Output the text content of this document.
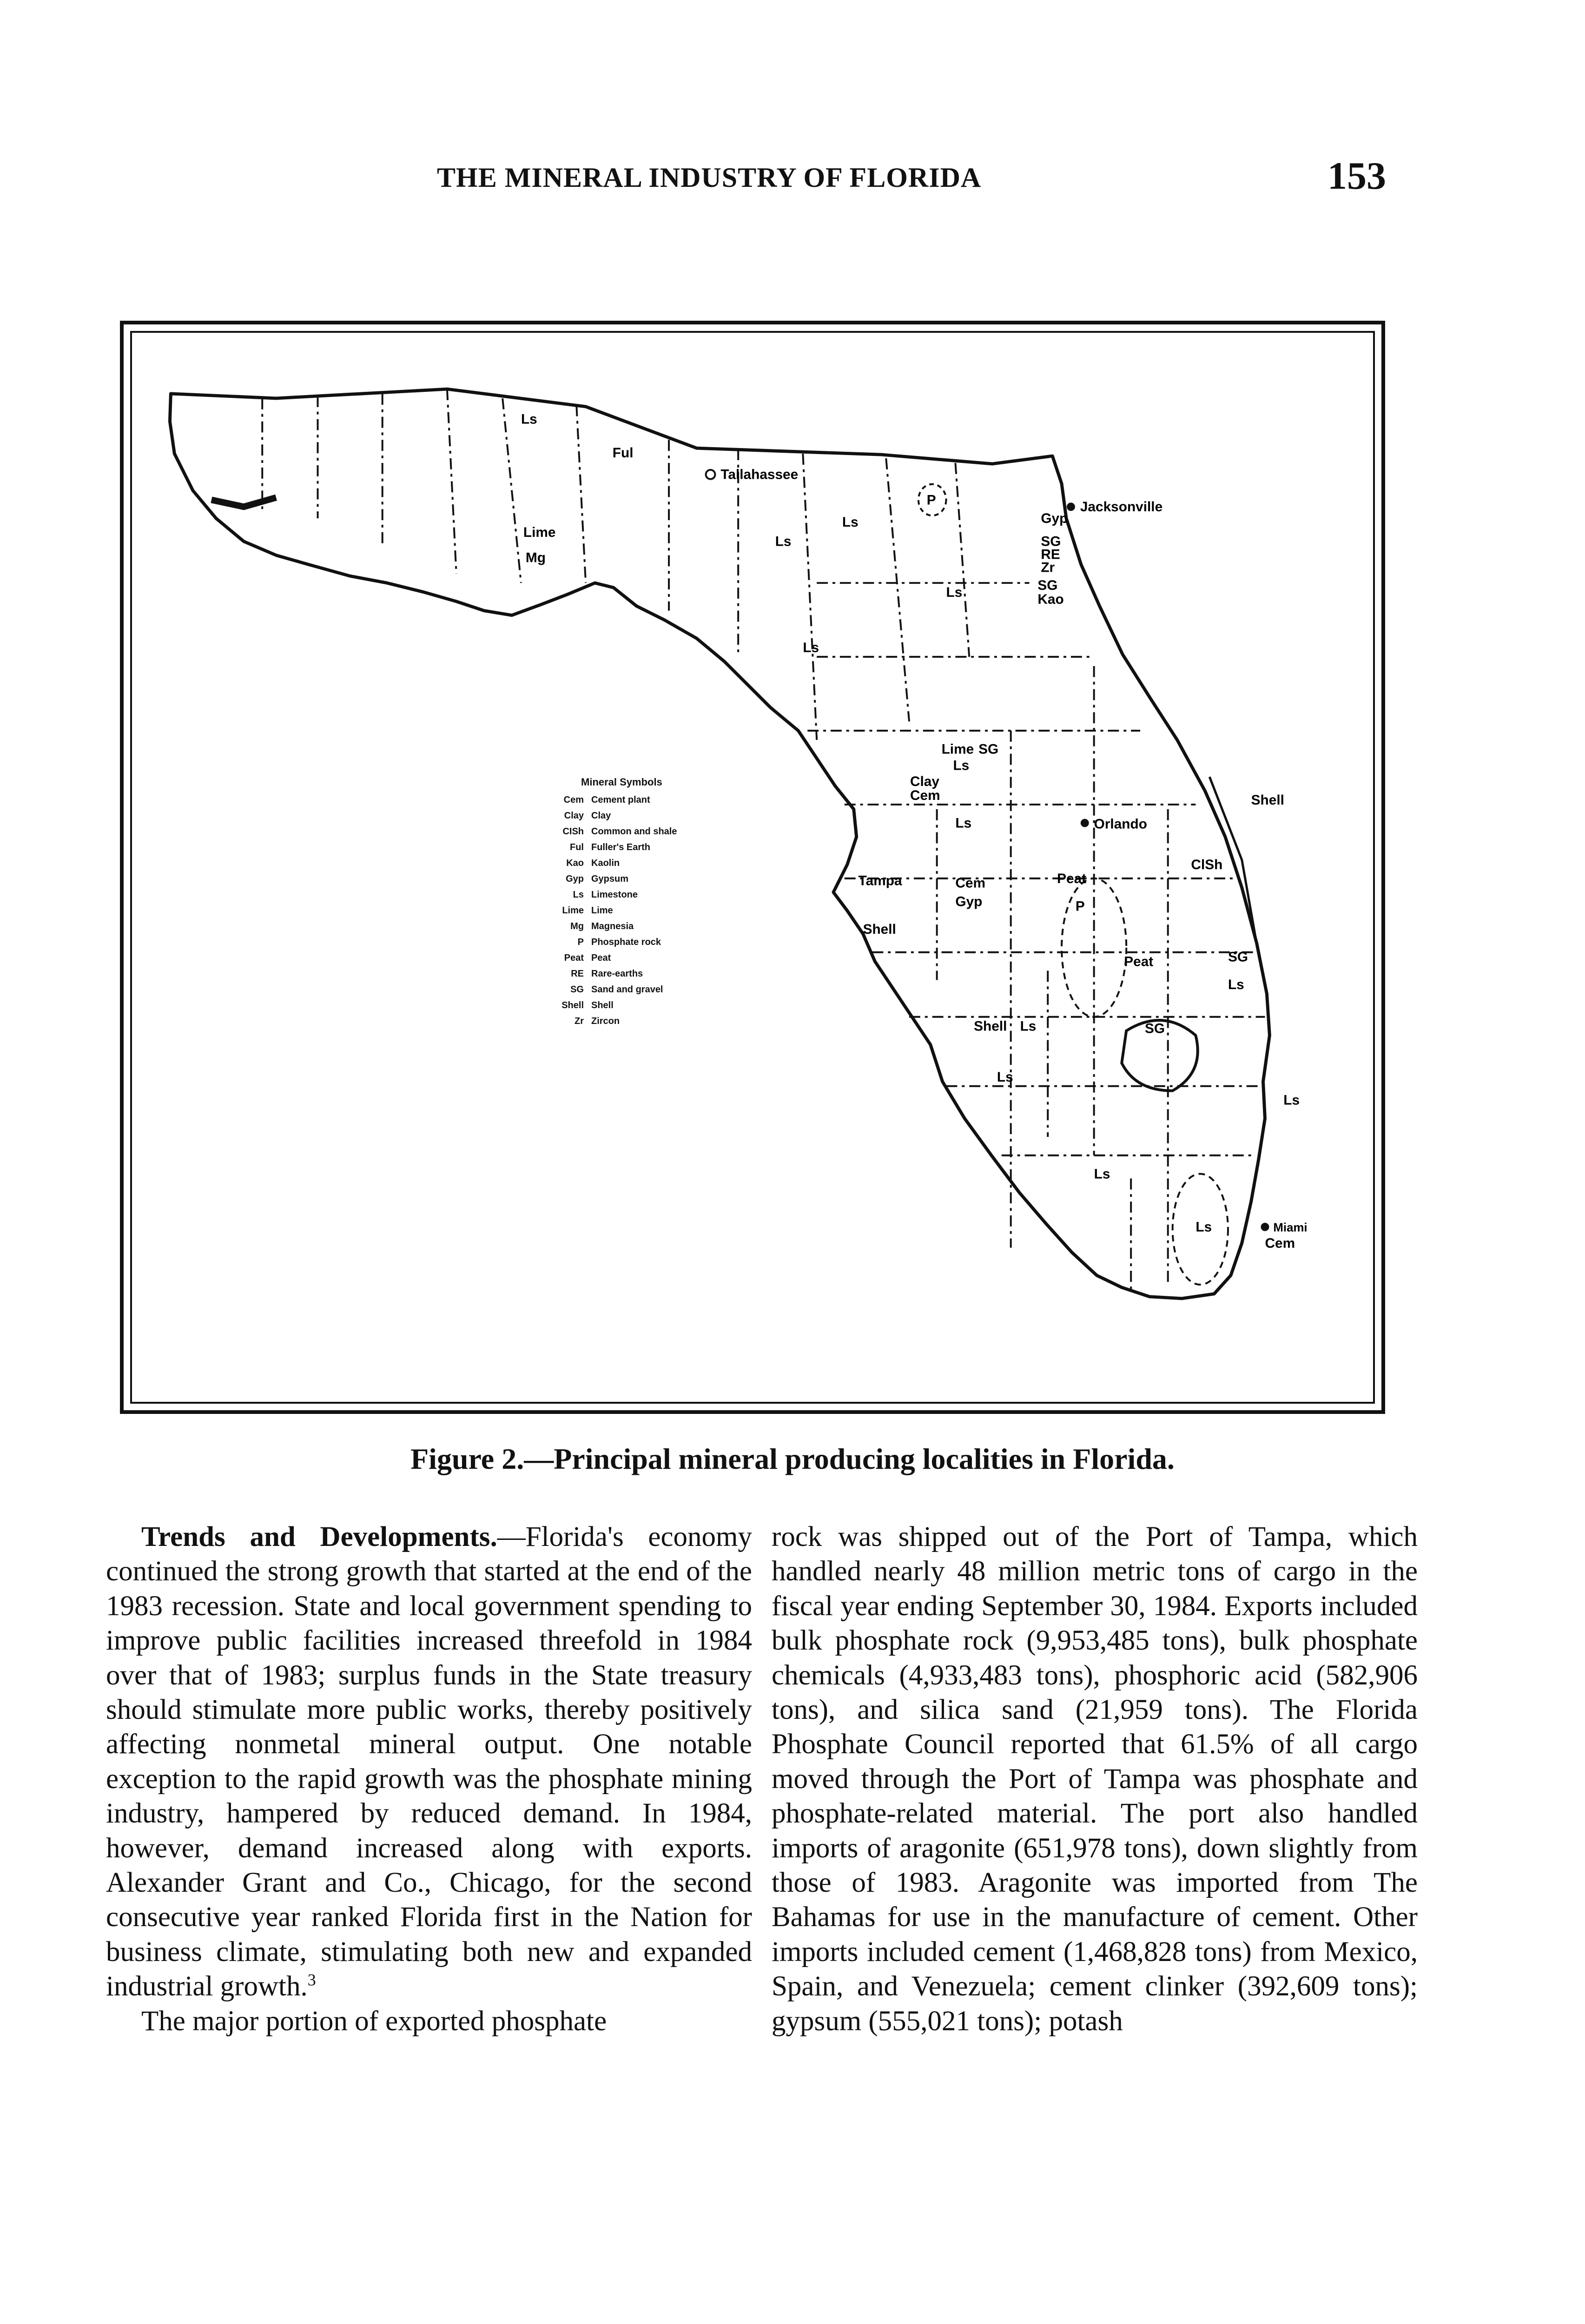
THE MINERAL INDUSTRY OF FLORIDA	153
Tallahassee
Jacksonville
Orlando
Tampa
Miami
Ls
Ful
Lime
Mg
Ls
Ls
P
Ls
Gyp
SG
RE
Zr
SG
Kao
Ls
Lime SG
Ls
Clay
Cem
Ls
Shell
ClSh
Cem
Gyp
Peat
P
Shell
Peat	SG
Ls
Shell Ls	SG
Ls
Ls
Ls
Ls
Cem
Mineral Symbols
Cem Cement plant
Clay Clay
CISh Common and shale
Ful Fuller's Earth
Kao Kaolin
Gyp Gypsum
Ls Limestone
Lime Lime
Mg Magnesia
P Phosphate rock
Peat Peat
RE Rare-earths
SG Sand and gravel
Shell Shell
Zr Zircon
Figure 2.—Principal mineral producing localities in Florida.

Trends and Developments.—Florida's economy continued the strong growth that started at the end of the 1983 recession. State and local government spending to improve public facilities increased threefold in 1984 over that of 1983; surplus funds in the State treasury should stimulate more public works, thereby positively affecting nonmetal mineral output. One notable exception to the rapid growth was the phosphate mining industry, hampered by reduced demand. In 1984, however, demand increased along with exports. Alexander Grant and Co., Chicago, for the second consecutive year ranked Florida first in the Nation for business climate, stimulating both new and expanded industrial growth.$^3$

The major portion of exported phosphate

rock was shipped out of the Port of Tampa, which handled nearly 48 million metric tons of cargo in the fiscal year ending September 30, 1984. Exports included bulk phosphate rock (9,953,485 tons), bulk phosphate chemicals (4,933,483 tons), phosphoric acid (582,906 tons), and silica sand (21,959 tons). The Florida Phosphate Council reported that 61.5% of all cargo moved through the Port of Tampa was phosphate and phosphate-related material. The port also handled imports of aragonite (651,978 tons), down slightly from those of 1983. Aragonite was imported from The Bahamas for use in the manufacture of cement. Other imports included cement (1,468,828 tons) from Mexico, Spain, and Venezuela; cement clinker (392,609 tons); gypsum (555,021 tons); potash
